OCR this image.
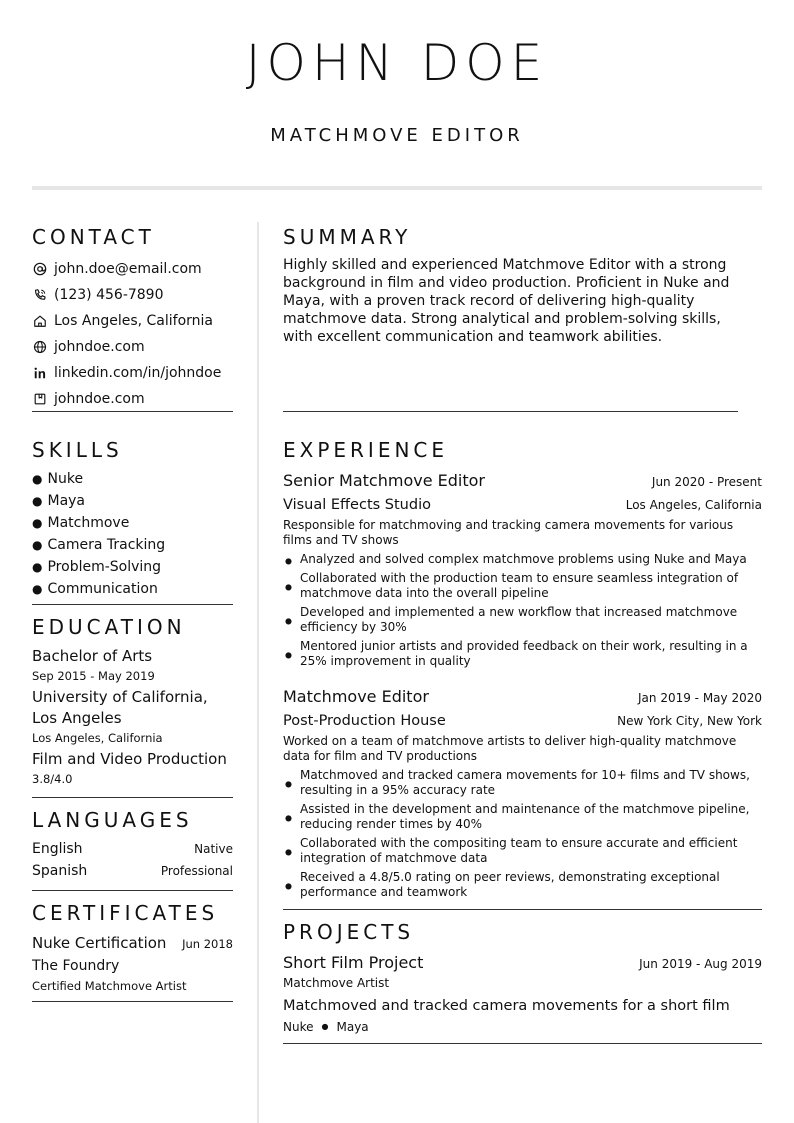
JOHN DOE
MATCHMOVE EDITOR
CONTACT
john.doe@email.com
(123) 456-7890
Los Angeles, California
johndoe.com
linkedin.com/in/johndoe
johndoe.com
SKILLS
● Nuke
● Maya
● Matchmove
● Camera Tracking
● Problem-Solving
● Communication
EDUCATION
Bachelor of Arts
Sep 2015 - May 2019
University of California, Los Angeles
Los Angeles, California
Film and Video Production
3.8/4.0
LANGUAGES
English	Native
Spanish	Professional
CERTIFICATES
Nuke Certification Jun 2018
The Foundry
Certified Matchmove Artist
SUMMARY
Highly skilled and experienced Matchmove Editor with a strong background in film and video production. Proficient in Nuke and Maya, with a proven track record of delivering high-quality matchmove data. Strong analytical and problem-solving skills, with excellent communication and teamwork abilities.
EXPERIENCE
Senior Matchmove Editor	Jun 2020 - Present
Visual Effects Studio	Los Angeles, California
Responsible for matchmoving and tracking camera movements for various films and TV shows
● Analyzed and solved complex matchmove problems using Nuke and Maya
● Collaborated with the production team to ensure seamless integration of matchmove data into the overall pipeline
● Developed and implemented a new workflow that increased matchmove efficiency by 30%
● Mentored junior artists and provided feedback on their work, resulting in a 25% improvement in quality
Matchmove Editor	Jan 2019 - May 2020
Post-Production House	New York City, New York
Worked on a team of matchmove artists to deliver high-quality matchmove data for film and TV productions
● Matchmoved and tracked camera movements for 10+ films and TV shows, resulting in a 95% accuracy rate
● Assisted in the development and maintenance of the matchmove pipeline, reducing render times by 40%
● Collaborated with the compositing team to ensure accurate and efficient integration of matchmove data
● Received a 4.8/5.0 rating on peer reviews, demonstrating exceptional performance and teamwork
PROJECTS
Short Film Project	Jun 2019 - Aug 2019
Matchmove Artist
Matchmoved and tracked camera movements for a short film
Nuke ● Maya
